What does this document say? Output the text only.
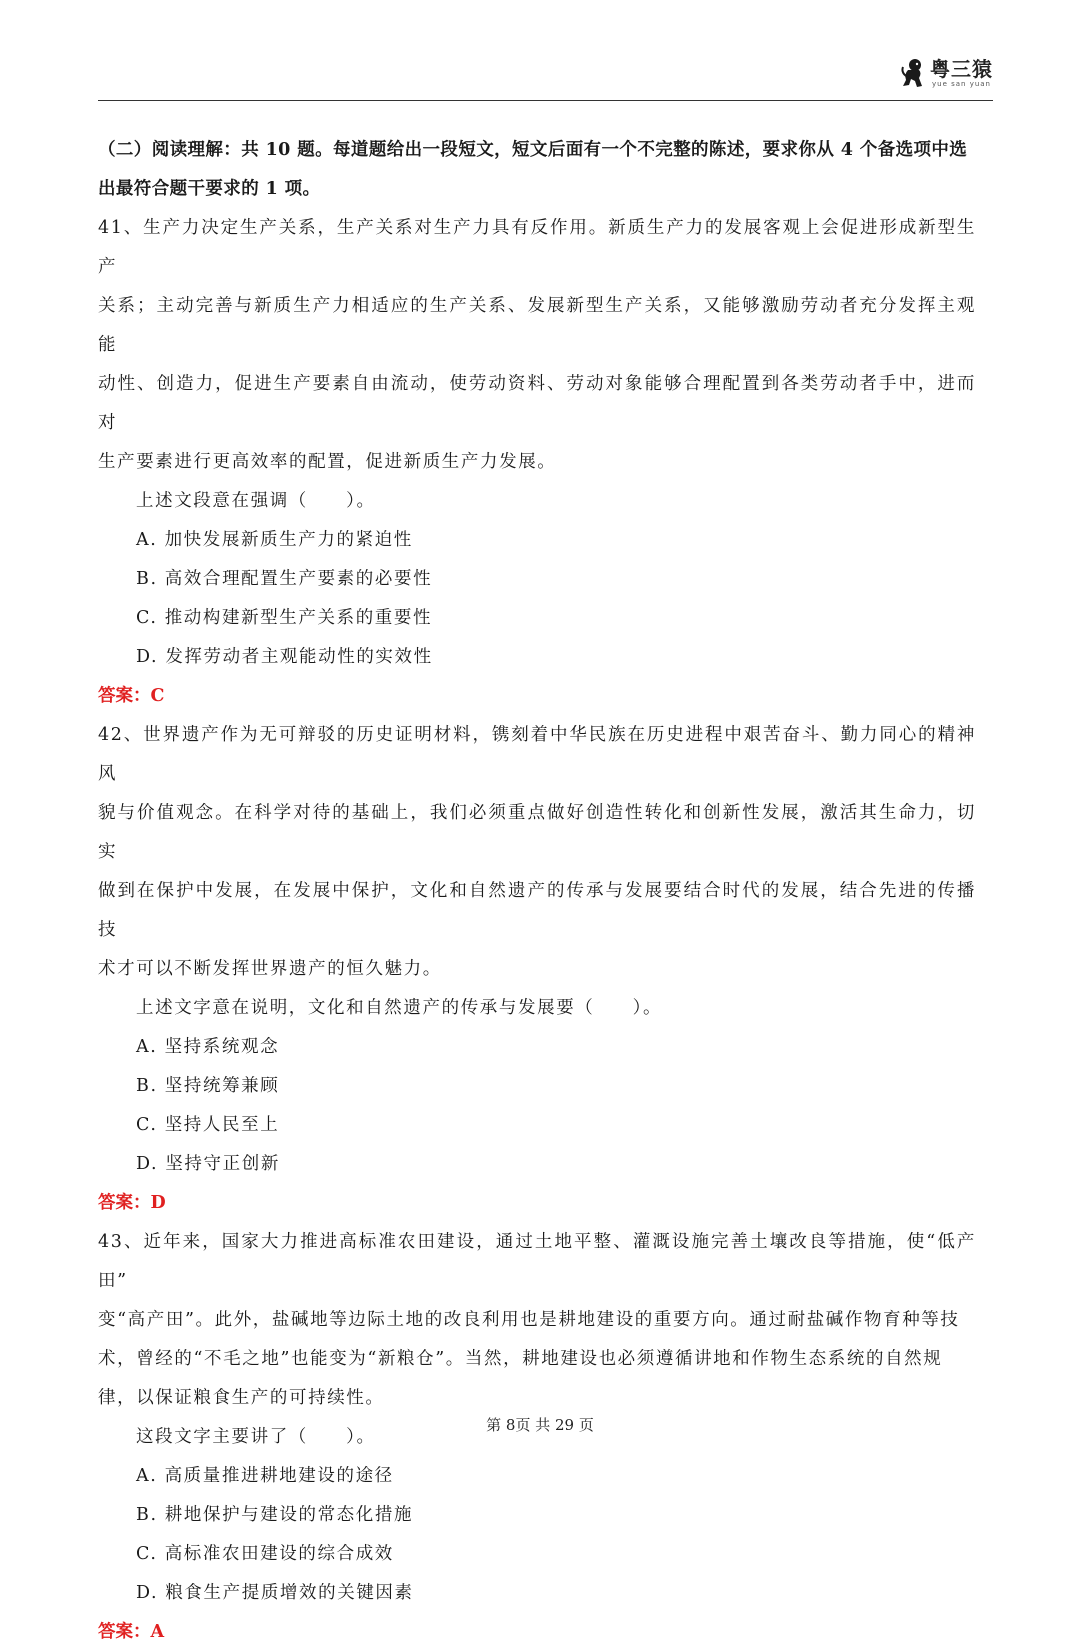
粤三猿
yue san yuan

（二）阅读理解：共 10 题。每道题给出一段短文，短文后面有一个不完整的陈述，要求你从 4 个备选项中选出最符合题干要求的 1 项。

41、生产力决定生产关系，生产关系对生产力具有反作用。新质生产力的发展客观上会促进形成新型生产

关系；主动完善与新质生产力相适应的生产关系、发展新型生产关系，又能够激励劳动者充分发挥主观能

动性、创造力，促进生产要素自由流动，使劳动资料、劳动对象能够合理配置到各类劳动者手中，进而对

生产要素进行更高效率的配置，促进新质生产力发展。

上述文段意在强调（　　）。

A. 加快发展新质生产力的紧迫性

B. 高效合理配置生产要素的必要性

C. 推动构建新型生产关系的重要性

D. 发挥劳动者主观能动性的实效性

答案：C

42、世界遗产作为无可辩驳的历史证明材料，镌刻着中华民族在历史进程中艰苦奋斗、勤力同心的精神风

貌与价值观念。在科学对待的基础上，我们必须重点做好创造性转化和创新性发展，激活其生命力，切实

做到在保护中发展，在发展中保护，文化和自然遗产的传承与发展要结合时代的发展，结合先进的传播技

术才可以不断发挥世界遗产的恒久魅力。

上述文字意在说明，文化和自然遗产的传承与发展要（　　）。

A. 坚持系统观念

B. 坚持统筹兼顾

C. 坚持人民至上

D. 坚持守正创新

答案：D

43、近年来，国家大力推进高标准农田建设，通过土地平整、灌溉设施完善土壤改良等措施，使“低产田”

变“高产田”。此外，盐碱地等边际土地的改良利用也是耕地建设的重要方向。通过耐盐碱作物育种等技

术，曾经的“不毛之地”也能变为“新粮仓”。当然，耕地建设也必须遵循讲地和作物生态系统的自然规

律，以保证粮食生产的可持续性。

这段文字主要讲了（　　）。

A. 高质量推进耕地建设的途径

B. 耕地保护与建设的常态化措施

C. 高标准农田建设的综合成效

D. 粮食生产提质增效的关键因素

答案：A

第 8页 共 29 页
